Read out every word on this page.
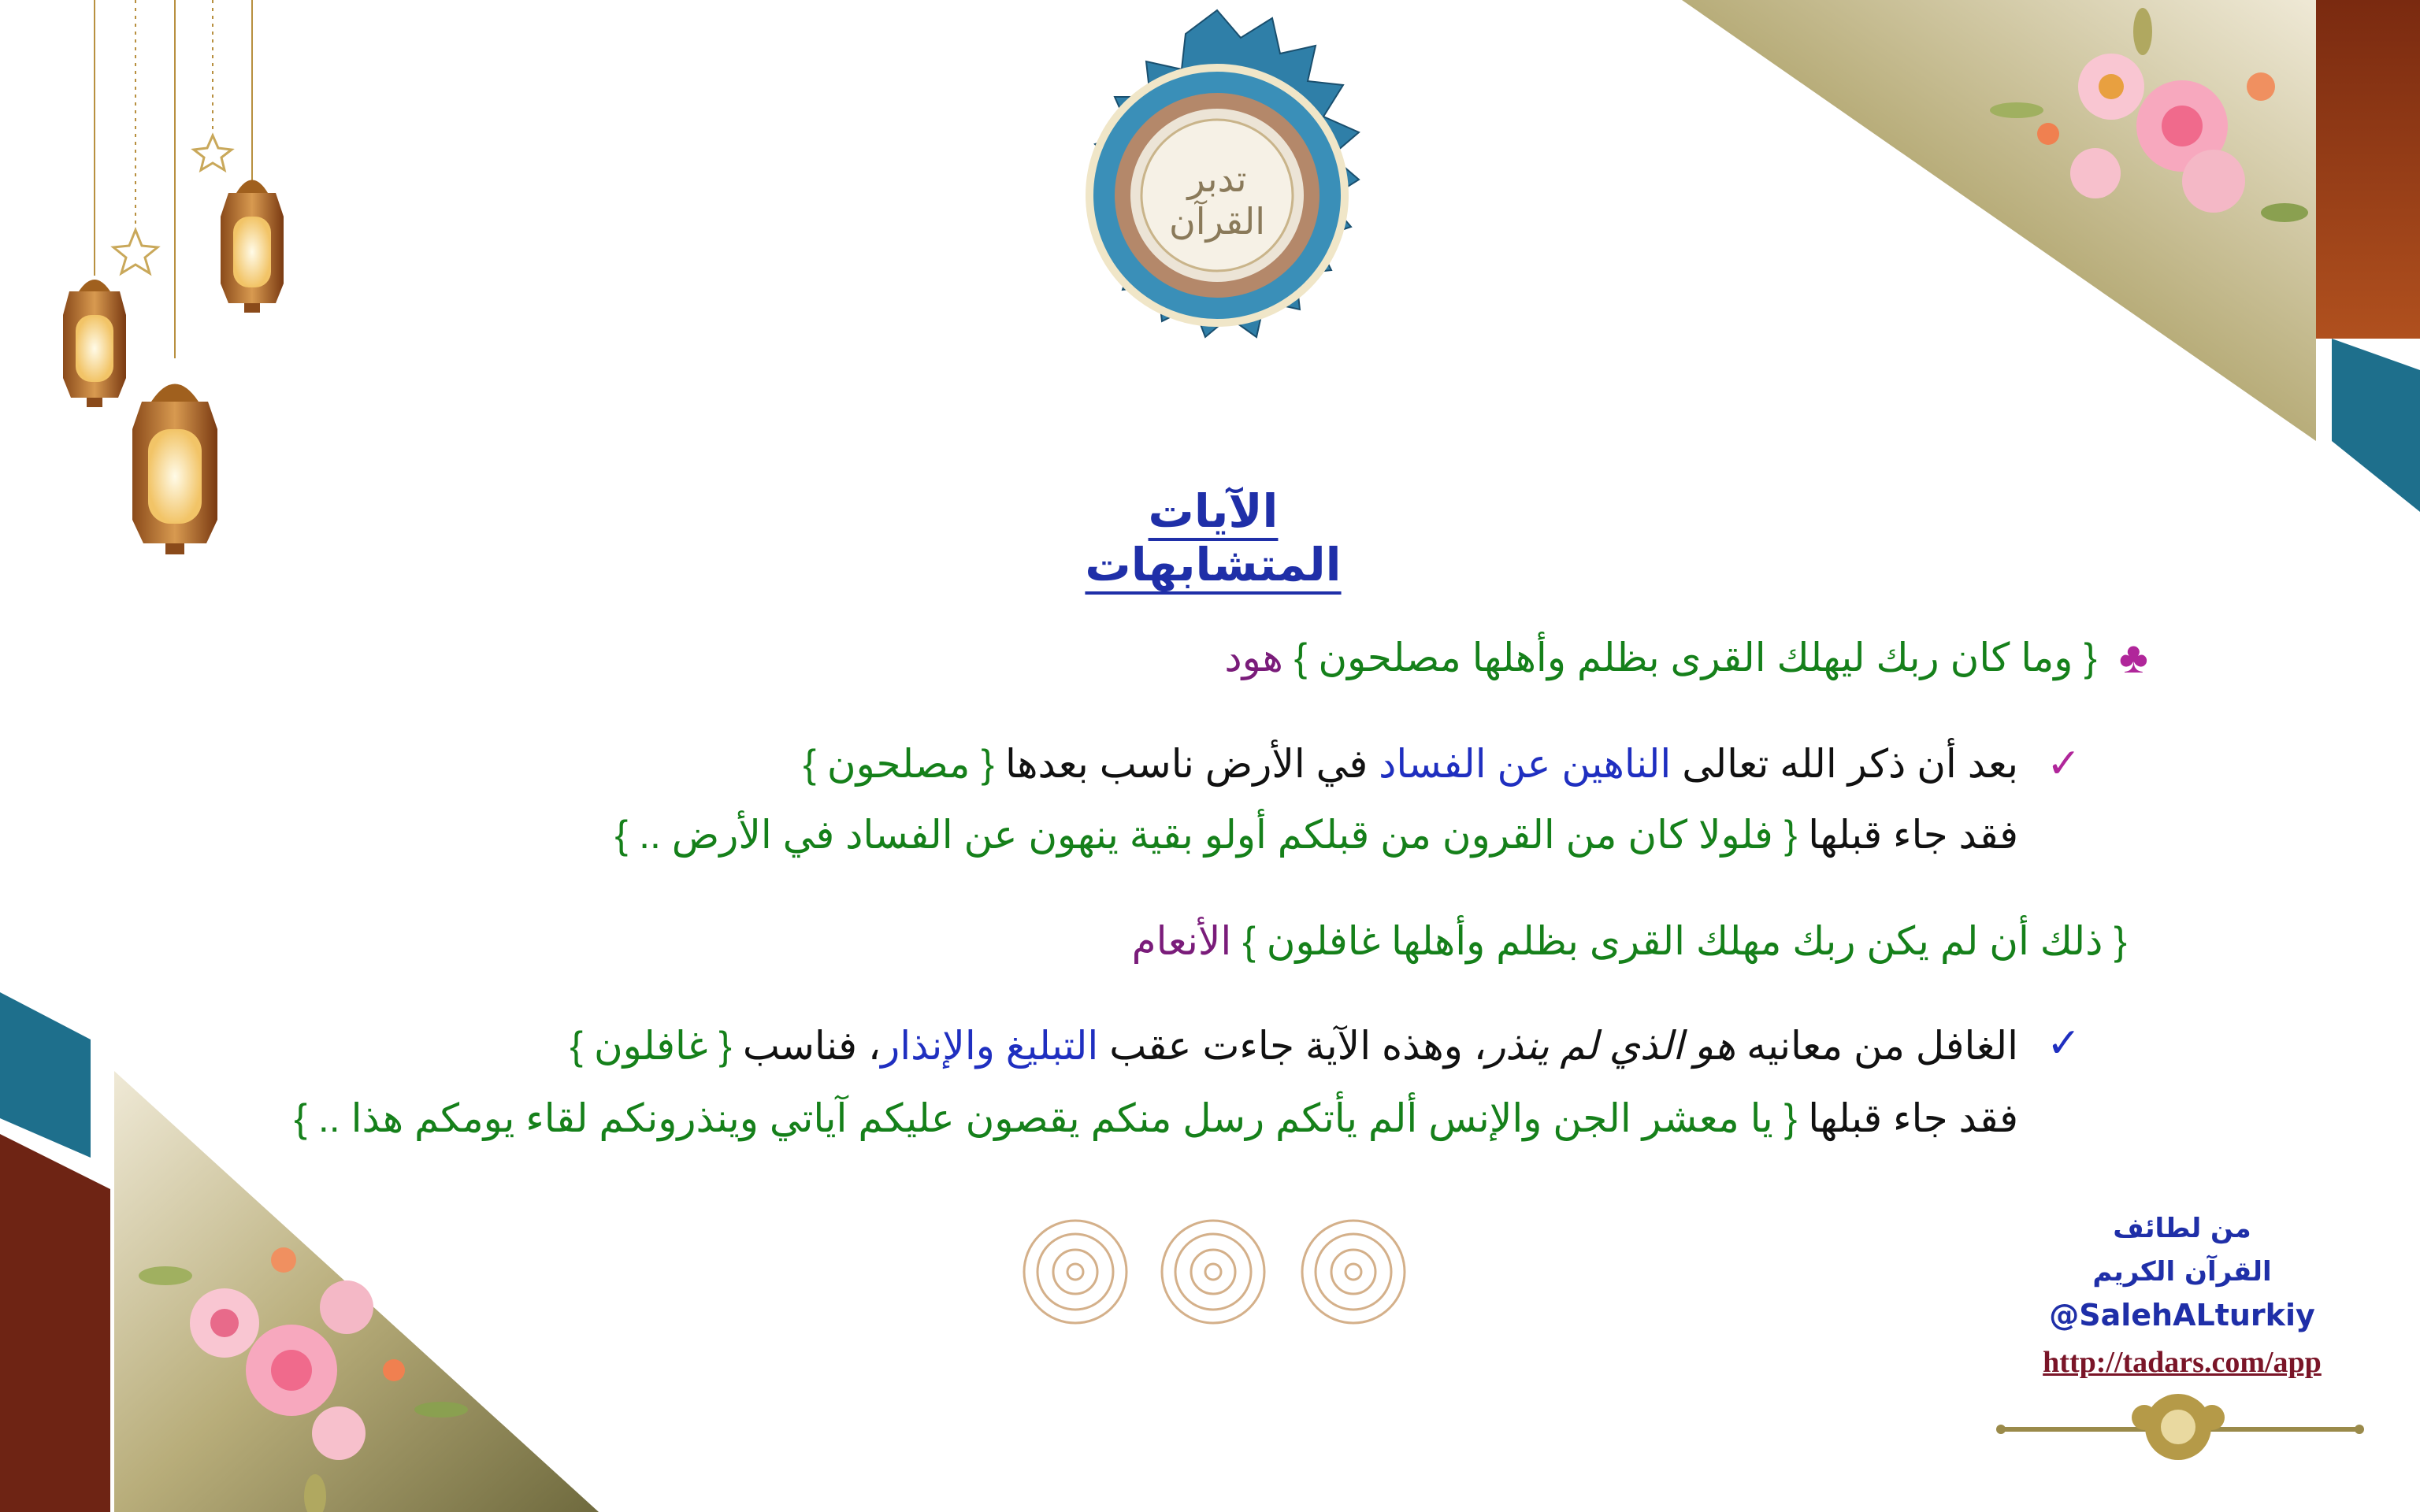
تدبر القرآن
الآيات المتشابهات
♣
{ وما كان ربك ليهلك القرى بظلم وأهلها مصلحون } هود
✓
بعد أن ذكر الله تعالى الناهين عن الفساد في الأرض ناسب بعدها { مصلحون }
فقد جاء قبلها { فلولا كان من القرون من قبلكم أولو بقية ينهون عن الفساد في الأرض .. }
{ ذلك أن لم يكن ربك مهلك القرى بظلم وأهلها غافلون } الأنعام
✓
الغافل من معانيه هو الذي لم ينذر، وهذه الآية جاءت عقب التبليغ والإنذار، فناسب { غافلون }
فقد جاء قبلها { يا معشر الجن والإنس ألم يأتكم رسل منكم يقصون عليكم آياتي وينذرونكم لقاء يومكم هذا .. }
من لطائف
القرآن الكريم
@SalehALturkiy
http://tadars.com/app
